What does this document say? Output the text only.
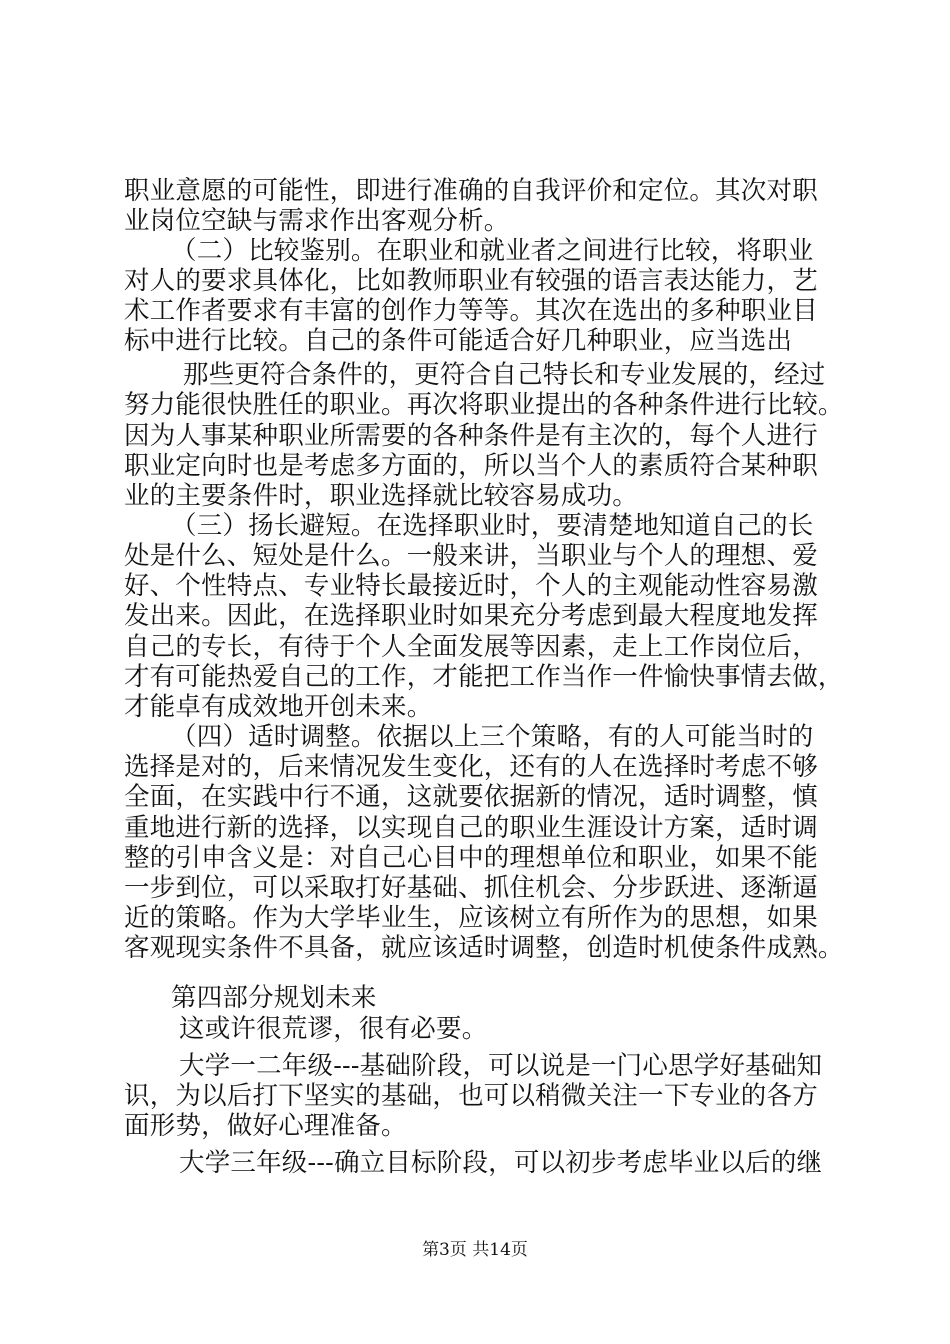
职业意愿的可能性，即进行准确的自我评价和定位。其次对职
业岗位空缺与需求作出客观分析。
（二）比较鉴别。在职业和就业者之间进行比较，将职业
对人的要求具体化，比如教师职业有较强的语言表达能力，艺
术工作者要求有丰富的创作力等等。其次在选出的多种职业目
标中进行比较。自己的条件可能适合好几种职业，应当选出
那些更符合条件的，更符合自己特长和专业发展的，经过
努力能很快胜任的职业。再次将职业提出的各种条件进行比较。
因为人事某种职业所需要的各种条件是有主次的，每个人进行
职业定向时也是考虑多方面的，所以当个人的素质符合某种职
业的主要条件时，职业选择就比较容易成功。
（三）扬长避短。在选择职业时，要清楚地知道自己的长
处是什么、短处是什么。一般来讲，当职业与个人的理想、爱
好、个性特点、专业特长最接近时，个人的主观能动性容易激
发出来。因此，在选择职业时如果充分考虑到最大程度地发挥
自己的专长，有待于个人全面发展等因素，走上工作岗位后，
才有可能热爱自己的工作，才能把工作当作一件愉快事情去做，
才能卓有成效地开创未来。
（四）适时调整。依据以上三个策略，有的人可能当时的
选择是对的，后来情况发生变化，还有的人在选择时考虑不够
全面，在实践中行不通，这就要依据新的情况，适时调整，慎
重地进行新的选择，以实现自己的职业生涯设计方案，适时调
整的引申含义是：对自己心目中的理想单位和职业，如果不能
一步到位，可以采取打好基础、抓住机会、分步跃进、逐渐逼
近的策略。作为大学毕业生，应该树立有所作为的思想，如果
客观现实条件不具备，就应该适时调整，创造时机使条件成熟。
第四部分规划未来
这或许很荒谬，很有必要。
大学一二年级---基础阶段，可以说是一门心思学好基础知
识，为以后打下坚实的基础，也可以稍微关注一下专业的各方
面形势，做好心理准备。
大学三年级---确立目标阶段，可以初步考虑毕业以后的继
第3页 共14页
